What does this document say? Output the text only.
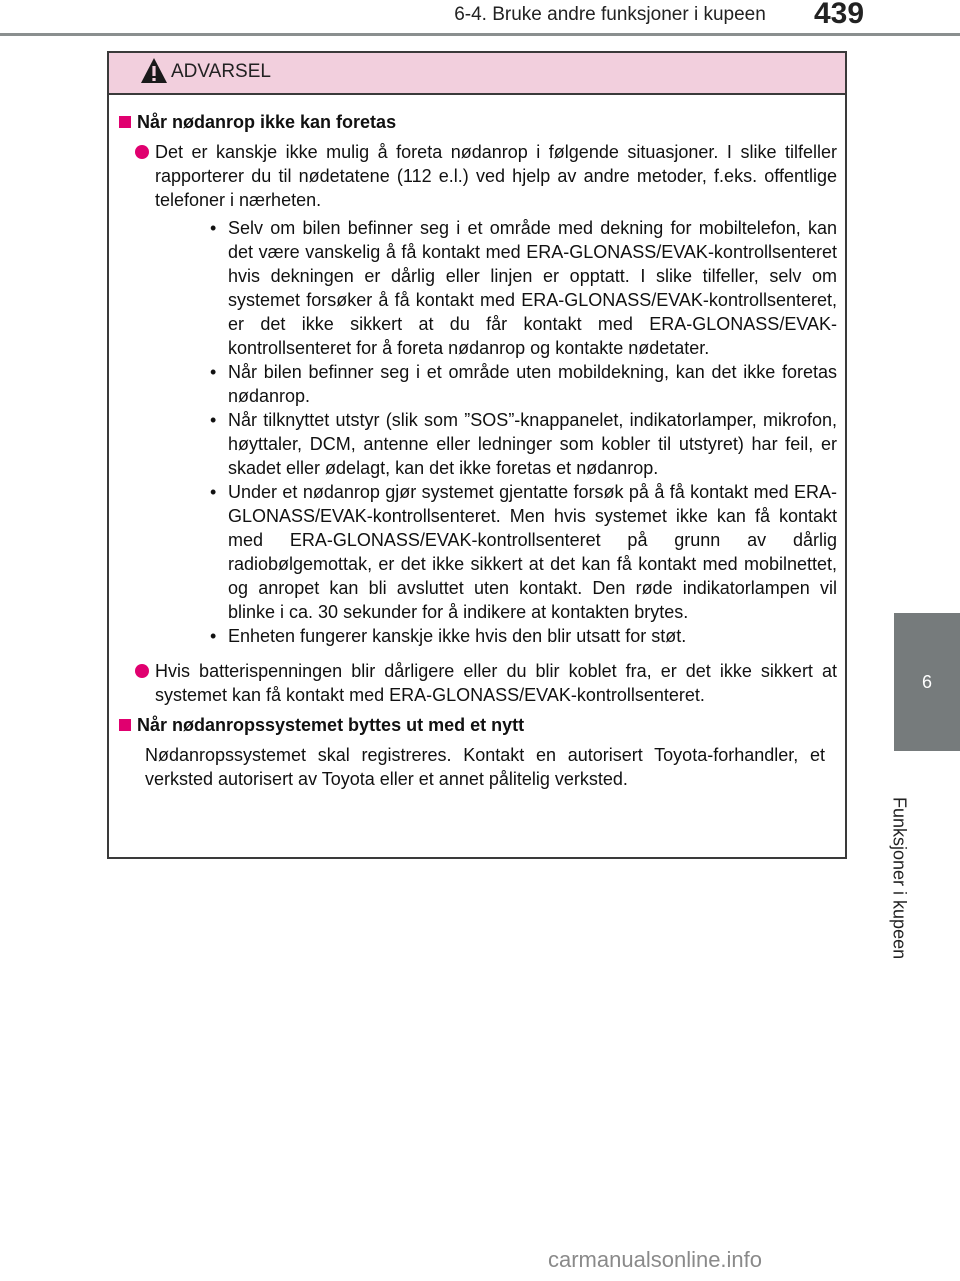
6-4. Bruke andre funksjoner i kupeen	439
6
Funksjoner i kupeen
ADVARSEL
Når nødanrop ikke kan foretas
Det er kanskje ikke mulig å foreta nødanrop i følgende situasjoner. I slike tilfeller rapporterer du til nødetatene (112 e.l.) ved hjelp av andre metoder, f.eks. offentlige telefoner i nærheten.
• Selv om bilen befinner seg i et område med dekning for mobiltelefon, kan det være vanskelig å få kontakt med ERA-GLONASS/EVAK-kontrollsenteret hvis dekningen er dårlig eller linjen er opptatt. I slike tilfeller, selv om systemet forsøker å få kontakt med ERA-GLONASS/EVAK-kontrollsenteret, er det ikke sikkert at du får kontakt med ERA-GLONASS/EVAK-kontrollsenteret for å foreta nødanrop og kontakte nødetater.
• Når bilen befinner seg i et område uten mobildekning, kan det ikke foretas nødanrop.
• Når tilknyttet utstyr (slik som ”SOS”-knappanelet, indikatorlamper, mikrofon, høyttaler, DCM, antenne eller ledninger som kobler til utstyret) har feil, er skadet eller ødelagt, kan det ikke foretas et nødanrop.
• Under et nødanrop gjør systemet gjentatte forsøk på å få kontakt med ERA-GLONASS/EVAK-kontrollsenteret. Men hvis systemet ikke kan få kontakt med ERA-GLONASS/EVAK-kontrollsenteret på grunn av dårlig radiobølgemottak, er det ikke sikkert at det kan få kontakt med mobilnettet, og anropet kan bli avsluttet uten kontakt. Den røde indikatorlampen vil blinke i ca. 30 sekunder for å indikere at kontakten brytes.
• Enheten fungerer kanskje ikke hvis den blir utsatt for støt.
Hvis batterispenningen blir dårligere eller du blir koblet fra, er det ikke sikkert at systemet kan få kontakt med ERA-GLONASS/EVAK-kontrollsenteret.
Når nødanropssystemet byttes ut med et nytt

Nødanropssystemet skal registreres. Kontakt en autorisert Toyota-forhandler, et verksted autorisert av Toyota eller et annet pålitelig verksted.

carmanualsonline.info
